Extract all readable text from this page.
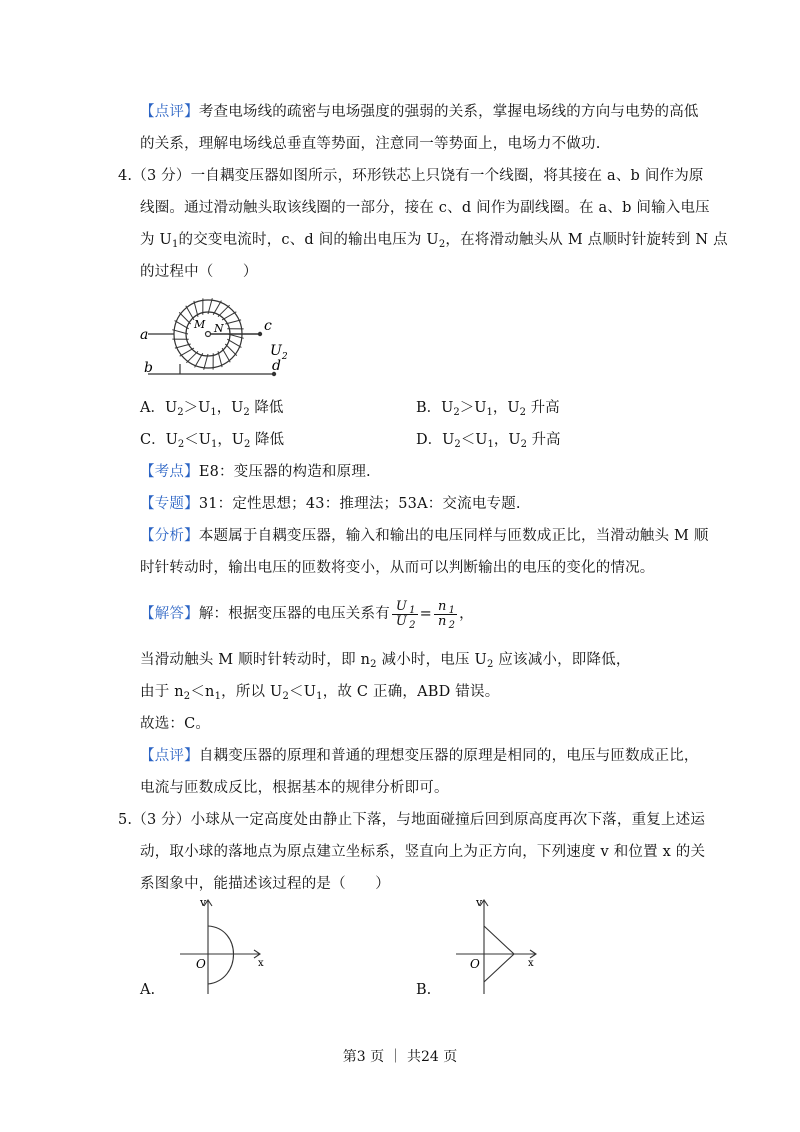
【点评】考查电场线的疏密与电场强度的强弱的关系，掌握电场线的方向与电势的高低
的关系，理解电场线总垂直等势面，注意同一等势面上，电场力不做功.
4.（3 分）一自耦变压器如图所示，环形铁芯上只饶有一个线圈，将其接在 a、b 间作为原
线圈。通过滑动触头取该线圈的一部分，接在 c、d 间作为副线圈。在 a、b 间输入电压
为 $U_1$的交变电流时，c、d 间的输出电压为 $U_2$，在将滑动触头从 M 点顺时针旋转到 N 点
的过程中（　　）
a
b
c
d
M N
$U_2$
A．$U_2>U_1$，$U_2$ 降低	B．$U_2>U_1$，$U_2$ 升高
C．$U_2<U_1$，$U_2$ 降低	D．$U_2<U_1$，$U_2$ 升高
【考点】E8：变压器的构造和原理.
【专题】31：定性思想；43：推理法；53A：交流电专题.
【分析】本题属于自耦变压器，输入和输出的电压同样与匝数成正比，当滑动触头 M 顺
时针转动时，输出电压的匝数将变小，从而可以判断输出的电压的变化的情况。
【解答】解：根据变压器的电压关系有 $\frac{U _1}{U _2} = \frac{n _1}{n _2}$ ，
当滑动触头 M 顺时针转动时，即 $n_2$ 减小时，电压 $U_2$ 应该减小，即降低，
由于 $n_2<n_1$，所以 $U_2<U_1$，故 C 正确，ABD 错误。
故选：C。
【点评】自耦变压器的原理和普通的理想变压器的原理是相同的，电压与匝数成正比，
电流与匝数成反比，根据基本的规律分析即可。
5.（3 分）小球从一定高度处由静止下落，与地面碰撞后回到原高度再次下落，重复上述运
动，取小球的落地点为原点建立坐标系，竖直向上为正方向，下列速度 v 和位置 x 的关
系图象中，能描述该过程的是（　　）
v
x
O
A.
v
x
O
B.
第3 页 ｜ 共24 页
